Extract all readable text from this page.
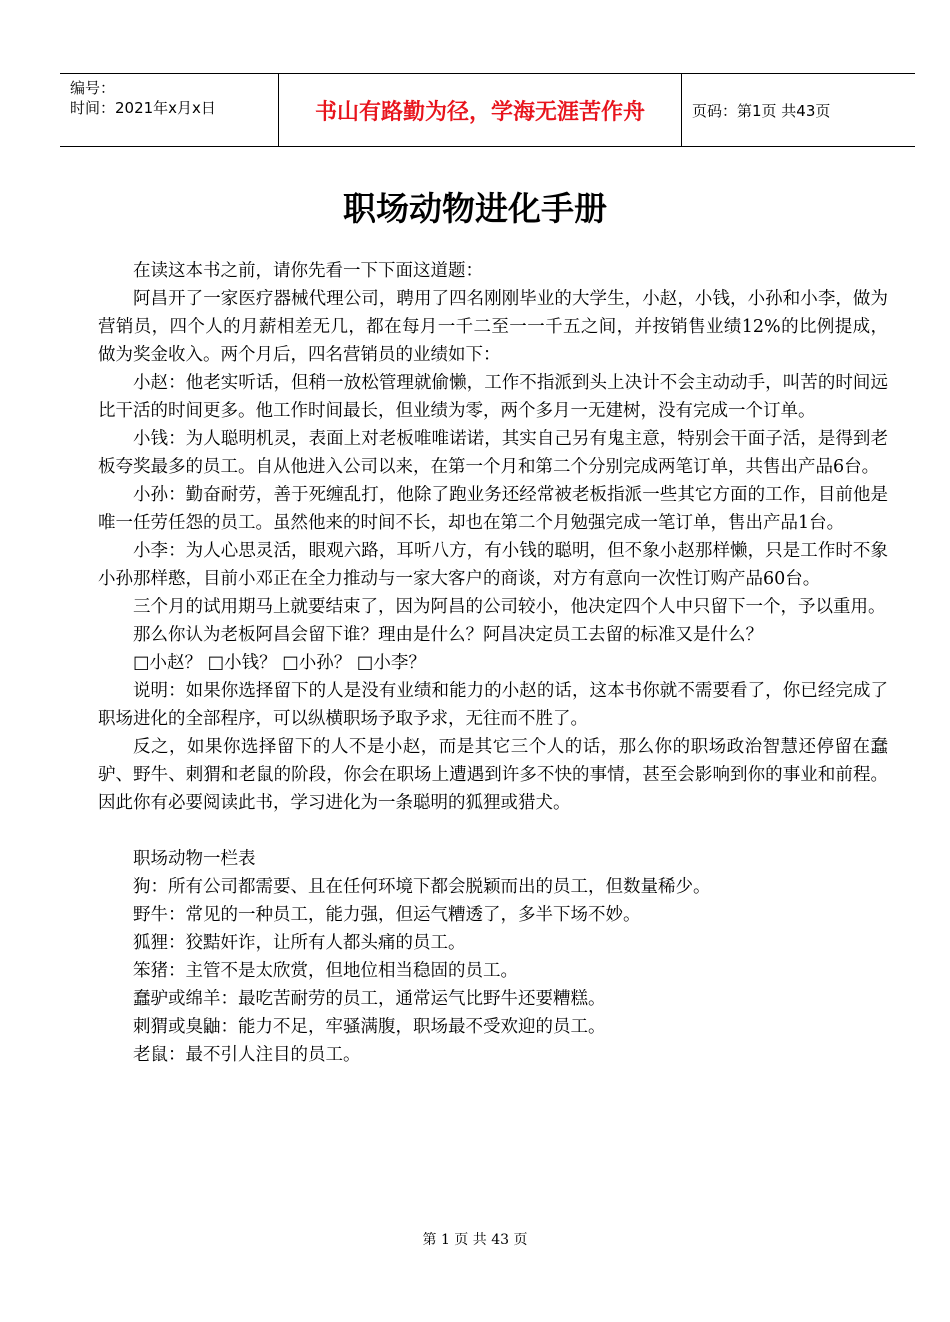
编号：
时间：2021年x月x日	书山有路勤为径，学海无涯苦作舟	页码：第1页 共43页
职场动物进化手册

在读这本书之前，请你先看一下下面这道题：

阿昌开了一家医疗器械代理公司，聘用了四名刚刚毕业的大学生，小赵，小钱，小孙和小李，做为营销员，四个人的月薪相差无几，都在每月一千二至一一千五之间，并按销售业绩12%的比例提成，做为奖金收入。两个月后，四名营销员的业绩如下：

小赵：他老实听话，但稍一放松管理就偷懒，工作不指派到头上决计不会主动动手，叫苦的时间远比干活的时间更多。他工作时间最长，但业绩为零，两个多月一无建树，没有完成一个订单。

小钱：为人聪明机灵，表面上对老板唯唯诺诺，其实自己另有鬼主意，特别会干面子活，是得到老板夸奖最多的员工。自从他进入公司以来，在第一个月和第二个分别完成两笔订单，共售出产品6台。

小孙：勤奋耐劳，善于死缠乱打，他除了跑业务还经常被老板指派一些其它方面的工作，目前他是唯一任劳任怨的员工。虽然他来的时间不长，却也在第二个月勉强完成一笔订单，售出产品1台。

小李：为人心思灵活，眼观六路，耳听八方，有小钱的聪明，但不象小赵那样懒，只是工作时不象小孙那样憨，目前小邓正在全力推动与一家大客户的商谈，对方有意向一次性订购产品60台。

三个月的试用期马上就要结束了，因为阿昌的公司较小，他决定四个人中只留下一个，予以重用。

那么你认为老板阿昌会留下谁？理由是什么？阿昌决定员工去留的标准又是什么？

□小赵？ □小钱？ □小孙？ □小李？

说明：如果你选择留下的人是没有业绩和能力的小赵的话，这本书你就不需要看了，你已经完成了职场进化的全部程序，可以纵横职场予取予求，无往而不胜了。

反之，如果你选择留下的人不是小赵，而是其它三个人的话，那么你的职场政治智慧还停留在蠢驴、野牛、刺猬和老鼠的阶段，你会在职场上遭遇到许多不快的事情，甚至会影响到你的事业和前程。因此你有必要阅读此书，学习进化为一条聪明的狐狸或猎犬。

职场动物一栏表

狗：所有公司都需要、且在任何环境下都会脱颖而出的员工，但数量稀少。

野牛：常见的一种员工，能力强，但运气糟透了，多半下场不妙。

狐狸：狡黠奸诈，让所有人都头痛的员工。

笨猪：主管不是太欣赏，但地位相当稳固的员工。

蠢驴或绵羊：最吃苦耐劳的员工，通常运气比野牛还要糟糕。

刺猬或臭鼬：能力不足，牢骚满腹，职场最不受欢迎的员工。

老鼠：最不引人注目的员工。

第 1 页 共 43 页
